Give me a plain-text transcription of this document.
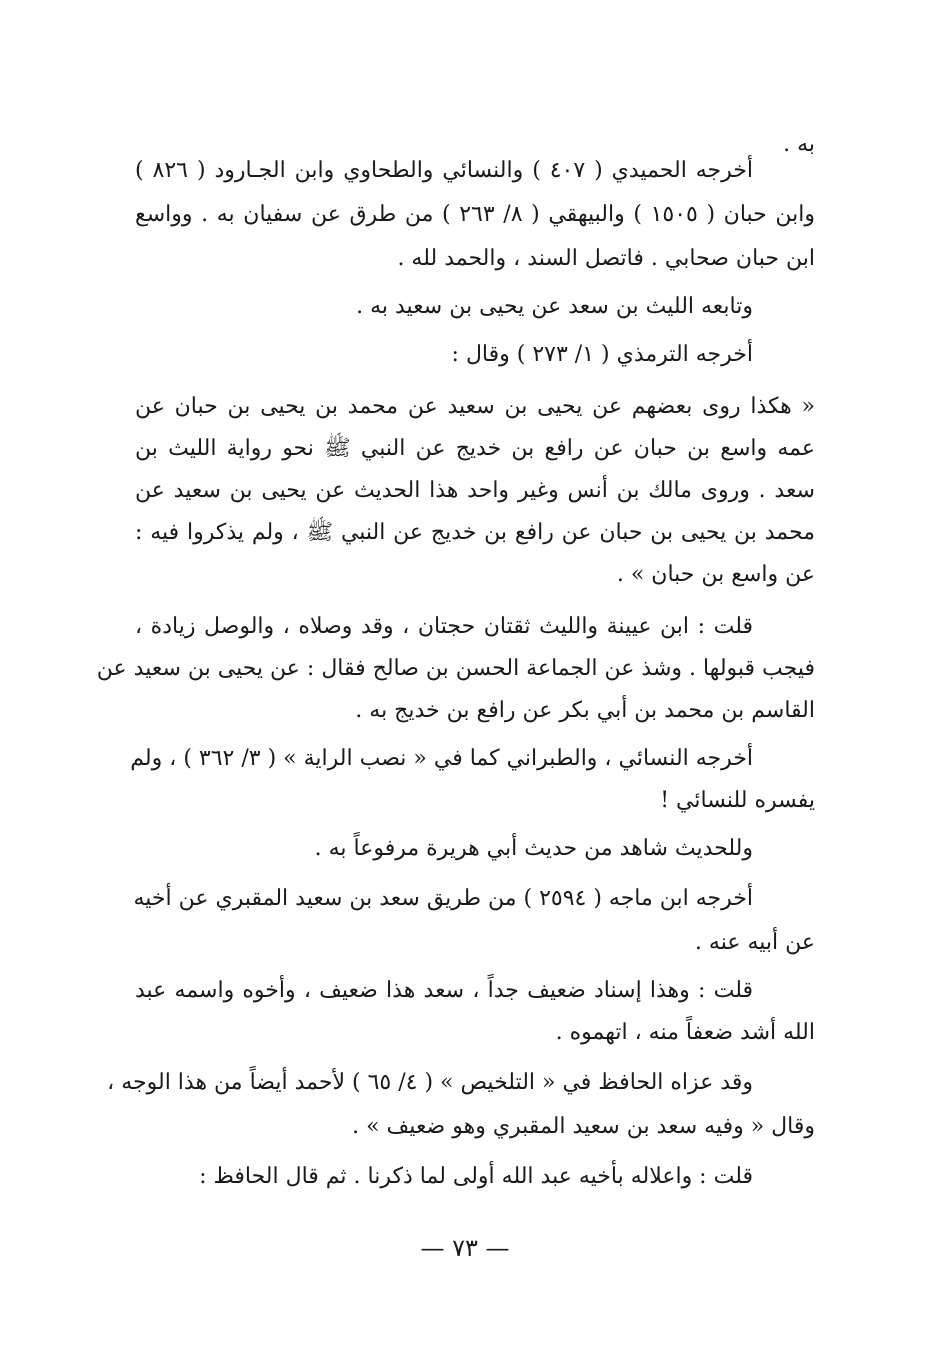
به .
أخرجه الحميدي ( ٤٠٧ ) والنسائي والطحاوي وابن الجـارود ( ٨٢٦ )
وابن حبان ( ١٥٠٥ ) والبيهقي ( ٨/ ٢٦٣ ) من طرق عن سفيان به . وواسع
ابن حبان صحابي . فاتصل السند ، والحمد لله .
وتابعه الليث بن سعد عن يحيى بن سعيد به .
أخرجه الترمذي ( ١/ ٢٧٣ ) وقال :
« هكذا روى بعضهم عن يحيى بن سعيد عن محمد بن يحيى بن حبان عن
عمه واسع بن حبان عن رافع بن خديج عن النبي ﷺ نحو رواية الليث بن
سعد . وروى مالك بن أنس وغير واحد هذا الحديث عن يحيى بن سعيد عن
محمد بن يحيى بن حبان عن رافع بن خديج عن النبي ﷺ ، ولم يذكروا فيه :
عن واسع بن حبان » .
قلت : ابن عيينة والليث ثقتان حجتان ، وقد وصلاه ، والوصل زيادة ،
فيجب قبولها . وشذ عن الجماعة الحسن بن صالح فقال : عن يحيى بن سعيد عن
القاسم بن محمد بن أبي بكر عن رافع بن خديج به .
أخرجه النسائي ، والطبراني كما في « نصب الراية » ( ٣/ ٣٦٢ ) ، ولم
يفسره للنسائي !
وللحديث شاهد من حديث أبي هريرة مرفوعاً به .
أخرجه ابن ماجه ( ٢٥٩٤ ) من طريق سعد بن سعيد المقبري عن أخيه
عن أبيه عنه .
قلت : وهذا إسناد ضعيف جداً ، سعد هذا ضعيف ، وأخوه واسمه عبد
الله أشد ضعفاً منه ، اتهموه .
وقد عزاه الحافظ في « التلخيص » ( ٤/ ٦٥ ) لأحمد أيضاً من هذا الوجه ،
وقال « وفيه سعد بن سعيد المقبري وهو ضعيف » .
قلت : واعلاله بأخيه عبد الله أولى لما ذكرنا . ثم قال الحافظ :
— ٧٣ —
